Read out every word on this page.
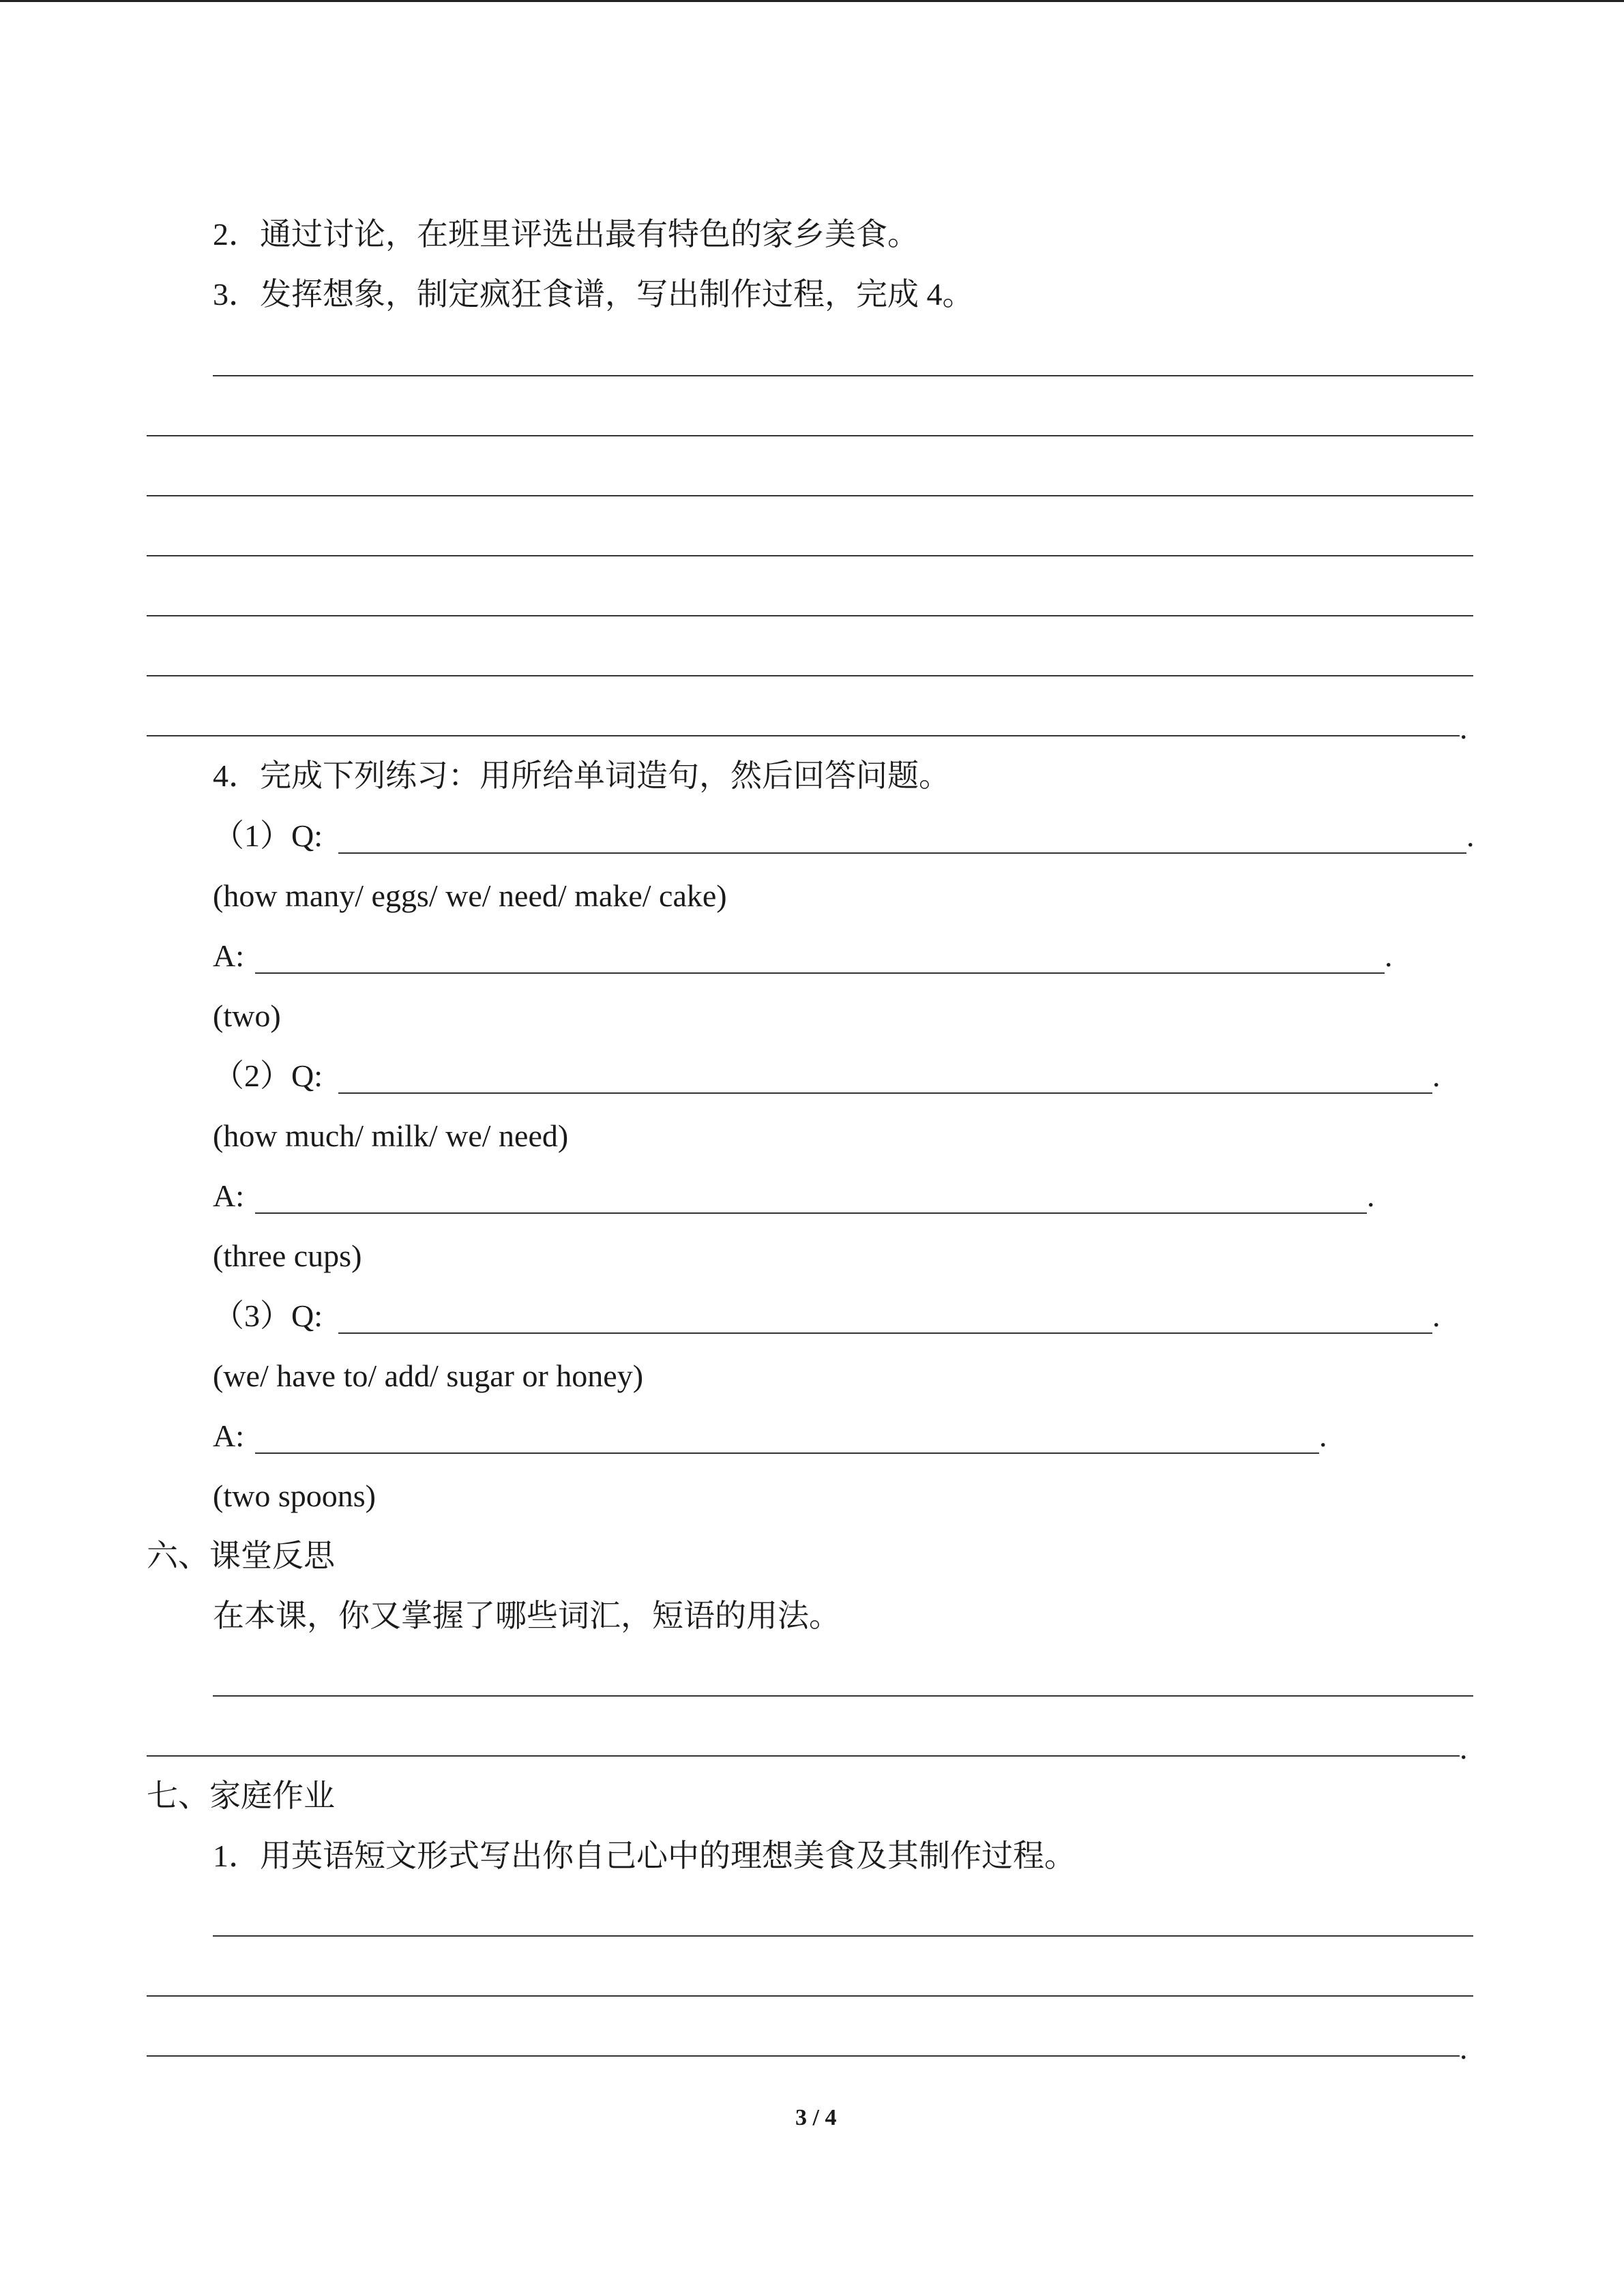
2．通过讨论，在班里评选出最有特色的家乡美食。
3．发挥想象，制定疯狂食谱，写出制作过程，完成 4。
.
4．完成下列练习：用所给单词造句，然后回答问题。
（1）Q:	.
(how many/ eggs/ we/ need/ make/ cake)
A:	.
(two)
（2）Q:	.
(how much/ milk/ we/ need)
A:	.
(three cups)
（3）Q:	.
(we/ have to/ add/ sugar or honey)
A:	.
(two spoons)
六、课堂反思
在本课，你又掌握了哪些词汇，短语的用法。
.
七、家庭作业
1．用英语短文形式写出你自己心中的理想美食及其制作过程。
.
3 / 4
